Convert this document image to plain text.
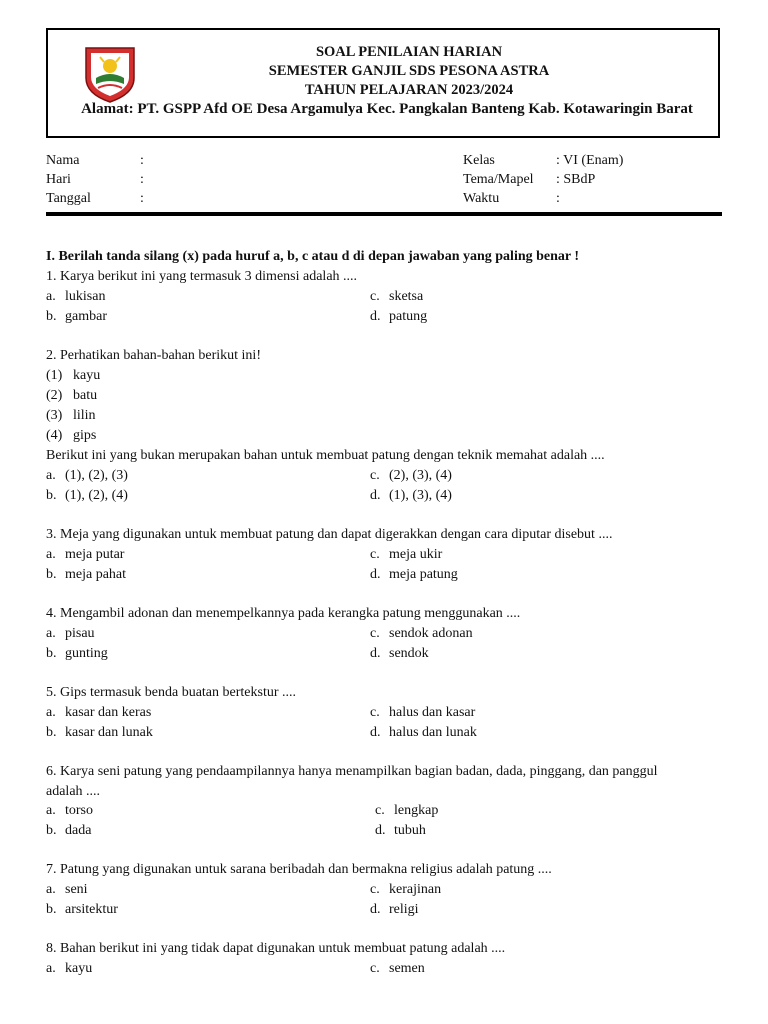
SOAL PENILAIAN HARIAN
SEMESTER GANJIL SDS PESONA ASTRA
TAHUN PELAJARAN 2023/2024
Alamat: PT. GSPP Afd OE Desa Argamulya Kec. Pangkalan Banteng Kab. Kotawaringin Barat
Nama	:
Hari	:
Tanggal	:
Kelas	: VI (Enam)
Tema/Mapel : SBdP
Waktu	:
I. Berilah tanda silang (x) pada huruf a, b, c atau d di depan jawaban yang paling benar !
1. Karya berikut ini yang termasuk 3 dimensi adalah ....
a. lukisan	c. sketsa
b. gambar	d. patung
2. Perhatikan bahan-bahan berikut ini!
(1) kayu
(2) batu
(3) lilin
(4) gips
Berikut ini yang bukan merupakan bahan untuk membuat patung dengan teknik memahat adalah ....
a. (1), (2), (3)	c. (2), (3), (4)
b. (1), (2), (4)	d. (1), (3), (4)
3. Meja yang digunakan untuk membuat patung dan dapat digerakkan dengan cara diputar disebut ....
a. meja putar	c. meja ukir
b. meja pahat	d. meja patung
4. Mengambil adonan dan menempelkannya pada kerangka patung menggunakan ....
a. pisau	c. sendok adonan
b. gunting	d. sendok
5. Gips termasuk benda buatan bertekstur ....
a. kasar dan keras	c. halus dan kasar
b. kasar dan lunak	d. halus dan lunak
6. Karya seni patung yang pendaampilannya hanya menampilkan bagian badan, dada, pinggang, dan panggul adalah ....
a. torso	c. lengkap
b. dada	d. tubuh
7. Patung yang digunakan untuk sarana beribadah dan bermakna religius adalah patung ....
a. seni	c. kerajinan
b. arsitektur	d. religi
8. Bahan berikut ini yang tidak dapat digunakan untuk membuat patung adalah ....
a. kayu	c. semen
